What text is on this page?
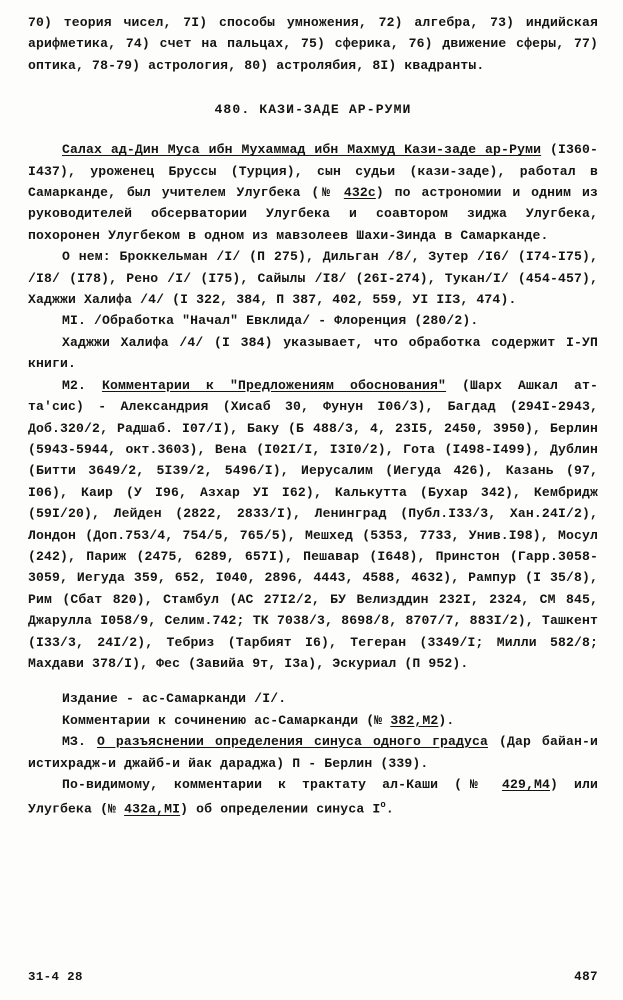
70) теория чисел, 7I) способы умножения, 72) алгебра, 73) индийская арифметика, 74) счет на пальцах, 75) сферика, 76) движение сферы, 77) оптика, 78-79) астрология, 80) астролябия, 8I) квадранты.

480. КАЗИ-ЗАДЕ АР-РУМИ

Салах ад-Дин Муса ибн Мухаммад ибн Махмуд Кази-заде ар-Руми (I360-I437), уроженец Бруссы (Турция), сын судьи (кази-заде), работал в Самарканде, был учителем Улугбека (№ 432с) по астрономии и одним из руководителей обсерватории Улугбека и соавтором зиджа Улугбека, похоронен Улугбеком в одном из мавзолеев Шахи-Зинда в Самарканде.

О нем: Броккельман /I/ (П 275), Дильган /8/, Зутер /I6/ (I74-I75), /I8/ (I78), Рено /I/ (I75), Сайылы /I8/ (26I-274), Тукан/I/ (454-457), Хаджжи Халифа /4/ (I 322, 384, П 387, 402, 559, УI IIЗ, 474).

MI. /Обработка "Начал" Евклида/ - Флоренция (280/2).

Хаджжи Халифа /4/ (I 384) указывает, что обработка содержит I-УП книги.

М2. Комментарии к "Предложениям обоснования" (Шарх Ашкал ат-та'сис) - Александрия (Хисаб 30, Фунун I06/3), Багдад (294I-2943, Доб.320/2, Радшаб. I07/I), Баку (Б 488/3, 4, 23I5, 2450, 3950), Берлин (5943-5944, окт.3603), Вена (I02I/I, I3I0/2), Гота (I498-I499), Дублин (Битти 3649/2, 5I39/2, 5496/I), Иерусалим (Иегуда 426), Казань (97, I06), Каир (У I96, Азхар УI I62), Калькутта (Бухар 342), Кембридж (59I/20), Лейден (2822, 2833/I), Ленинград (Публ.I33/3, Хан.24I/2), Лондон (Доп.753/4, 754/5, 765/5), Мешхед (5353, 7733, Унив.I98), Мосул (242), Париж (2475, 6289, 657I), Пешавар (I648), Принстон (Гарр.3058-3059, Иегуда 359, 652, I040, 2896, 4443, 4588, 4632), Рампур (I 35/8), Рим (Сбат 820), Стамбул (АС 27I2/2, БУ Велизддин 232I, 2324, СМ 845, Джарулла I058/9, Селим.742; ТК 7038/3, 8698/8, 8707/7, 883I/2), Ташкент (I33/3, 24I/2), Тебриз (Тарбият I6), Тегеран (3349/I; Милли 582/8; Махдави 378/I), Фес (Завийа 9т, I3a), Эскуриал (П 952).

Издание - ас-Самарканди /I/.

Комментарии к сочинению ас-Самарканди (№ 382,М2).

МЗ. О разъяснении определения синуса одного градуса (Дар байан-и истихрадж-и джайб-и йак дараджа) П - Берлин (339).

По-видимому, комментарии к трактату ал-Каши (№ 429,М4) или Улугбека (№ 432а,МI) об определении синуса $I^o$.

31-4 28	487
